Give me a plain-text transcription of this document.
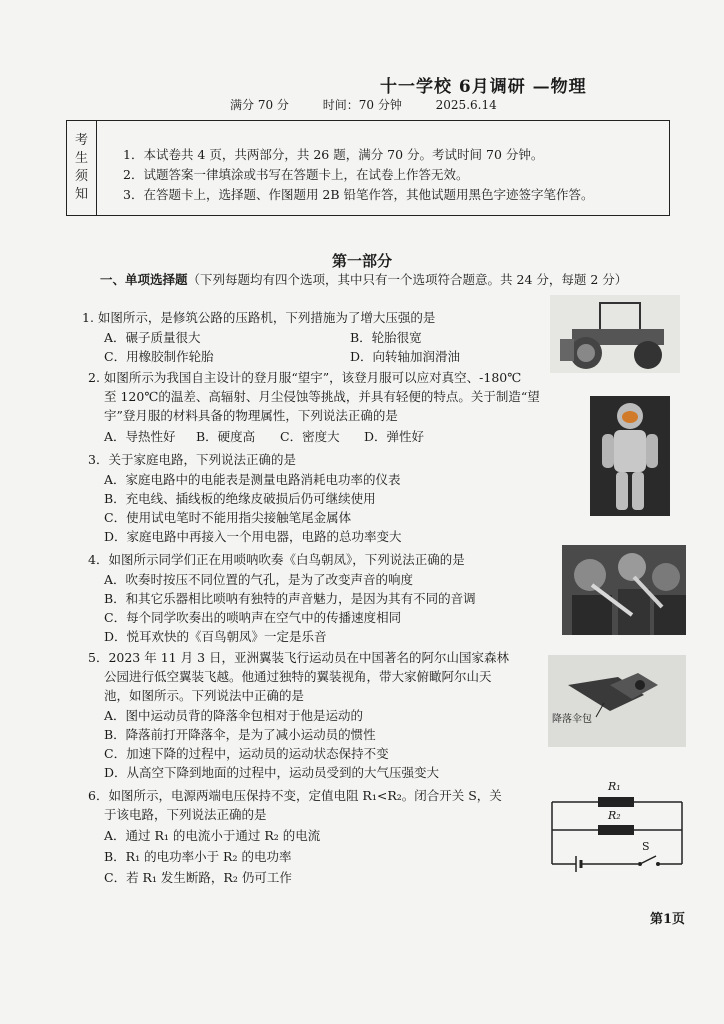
十一学校 6月调研 —物理
满分 70 分	时间：70 分钟	2025.6.14
考
生
须
知
1．本试卷共 4 页，共两部分，共 26 题，满分 70 分。考试时间 70 分钟。
2．试题答案一律填涂或书写在答题卡上，在试卷上作答无效。
3．在答题卡上，选择题、作图题用 2B 铅笔作答，其他试题用黑色字迹签字笔作答。
第一部分
一、单项选择题（下列每题均有四个选项，其中只有一个选项符合题意。共 24 分，每题 2 分）
1. 如图所示，是修筑公路的压路机，下列措施为了增大压强的是
A．碾子质量很大	B．轮胎很宽
C．用橡胶制作轮胎	D．向转轴加润滑油
2. 如图所示为我国自主设计的登月服“望宇”，该登月服可以应对真空、-180℃
至 120℃的温差、高辐射、月尘侵蚀等挑战，并具有轻便的特点。关于制造“望
宇”登月服的材料具备的物理属性，下列说法正确的是
A．导热性好 B．硬度高 C．密度大 D．弹性好
3．关于家庭电路，下列说法正确的是
A．家庭电路中的电能表是测量电路消耗电功率的仪表
B．充电线、插线板的绝缘皮破损后仍可继续使用
C．使用试电笔时不能用指尖接触笔尾金属体
D．家庭电路中再接入一个用电器，电路的总功率变大
4．如图所示同学们正在用唢呐吹奏《白鸟朝凤》，下列说法正确的是
A．吹奏时按压不同位置的气孔，是为了改变声音的响度
B．和其它乐器相比唢呐有独特的声音魅力，是因为其有不同的音调
C．每个同学吹奏出的唢呐声在空气中的传播速度相同
D．悦耳欢快的《百鸟朝凤》一定是乐音
5．2023 年 11 月 3 日，亚洲翼装飞行运动员在中国著名的阿尔山国家森林
公园进行低空翼装飞越。他通过独特的翼装视角，带大家俯瞰阿尔山天
池，如图所示。下列说法中正确的是
A．图中运动员背的降落伞包相对于他是运动的
B．降落前打开降落伞，是为了减小运动员的惯性
C．加速下降的过程中，运动员的运动状态保持不变
D．从高空下降到地面的过程中，运动员受到的大气压强变大
降落伞包
6．如图所示，电源两端电压保持不变，定值电阻 R₁<R₂。闭合开关 S，关
于该电路，下列说法正确的是
A．通过 R₁ 的电流小于通过 R₂ 的电流
B．R₁ 的电功率小于 R₂ 的电功率
C．若 R₁ 发生断路，R₂ 仍可工作
R₁
R₂
S
第1页
